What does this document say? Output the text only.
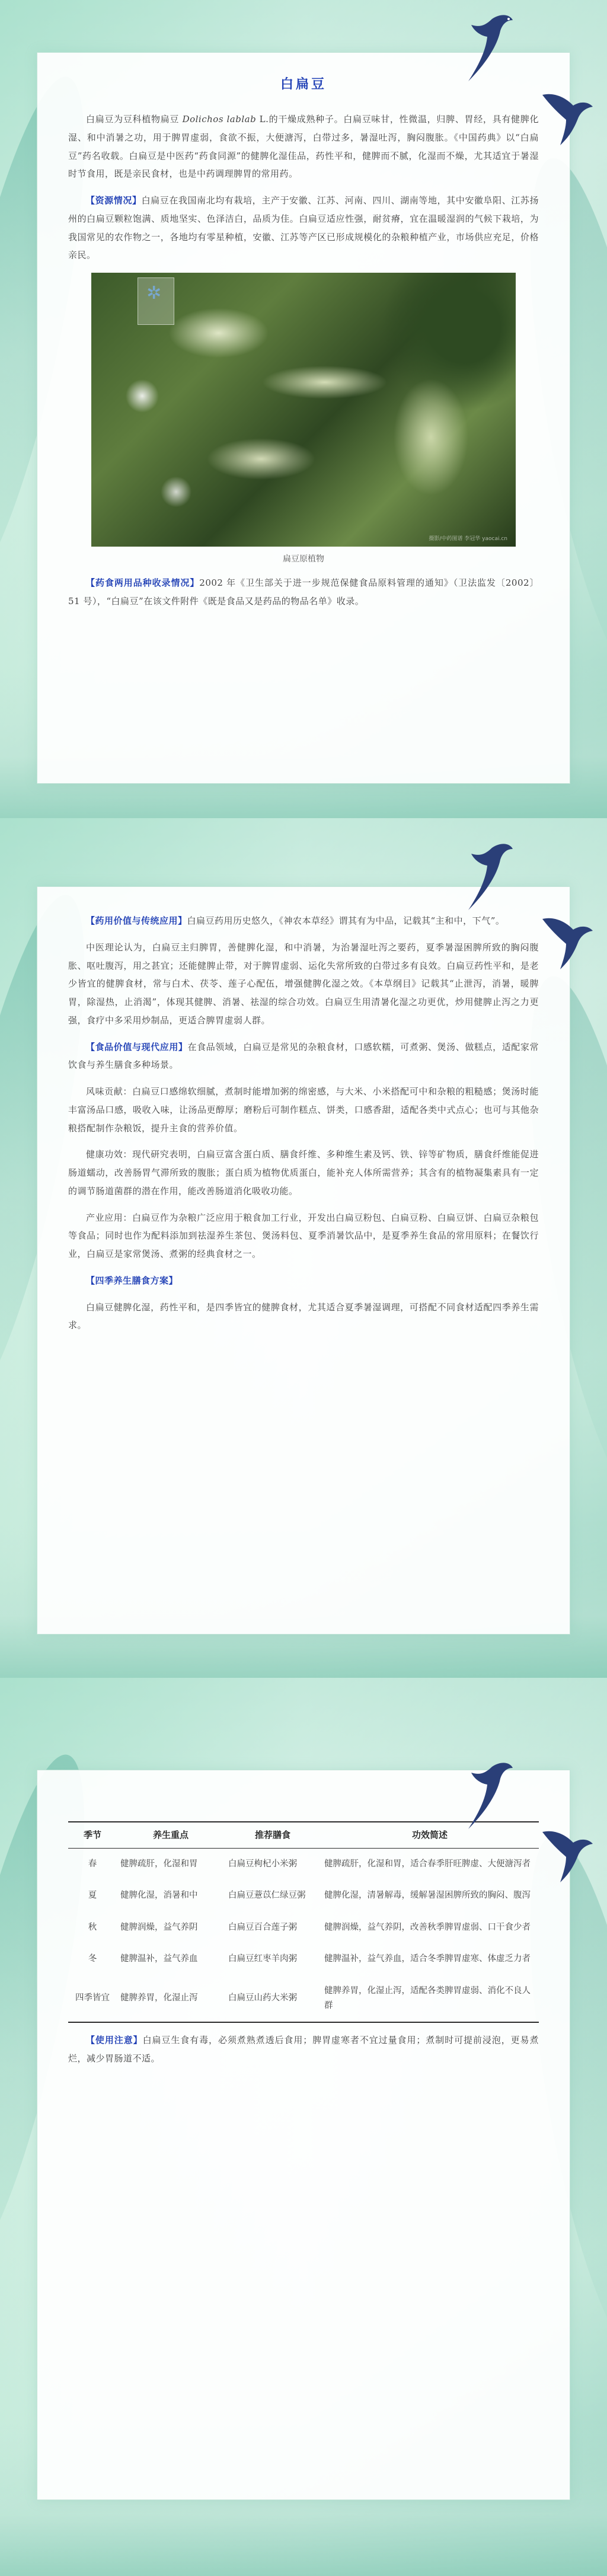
白扁豆

白扁豆为豆科植物扁豆 Dolichos lablab L.的干燥成熟种子。白扁豆味甘，性微温，归脾、胃经，具有健脾化湿、和中消暑之功，用于脾胃虚弱，食欲不振，大便溏泻，白带过多，暑湿吐泻，胸闷腹胀。《中国药典》以“白扁豆”药名收载。白扁豆是中医药“药食同源”的健脾化湿佳品，药性平和，健脾而不腻，化湿而不燥，尤其适宜于暑湿时节食用，既是亲民食材，也是中药调理脾胃的常用药。

【资源情况】白扁豆在我国南北均有栽培，主产于安徽、江苏、河南、四川、湖南等地，其中安徽阜阳、江苏扬州的白扁豆颗粒饱满、质地坚实、色泽洁白，品质为佳。白扁豆适应性强，耐贫瘠，宜在温暖湿润的气候下栽培，为我国常见的农作物之一，各地均有零星种植，安徽、江苏等产区已形成规模化的杂粮种植产业，市场供应充足，价格亲民。

✲
摄影/中药图谱 李冠华 yaocai.cn
扁豆原植物

【药食两用品种收录情况】2002 年《卫生部关于进一步规范保健食品原料管理的通知》（卫法监发〔2002〕51 号），“白扁豆”在该文件附件《既是食品又是药品的物品名单》收录。

【药用价值与传统应用】白扁豆药用历史悠久，《神农本草经》谓其有为中品，记载其“主和中，下气”。

中医理论认为，白扁豆主归脾胃，善健脾化湿，和中消暑，为治暑湿吐泻之要药，夏季暑湿困脾所致的胸闷腹胀、呕吐腹泻，用之甚宜；还能健脾止带，对于脾胃虚弱、运化失常所致的白带过多有良效。白扁豆药性平和，是老少皆宜的健脾食材，常与白术、茯苓、莲子心配伍，增强健脾化湿之效。《本草纲目》记载其“止泄泻，消暑，暖脾胃，除湿热，止消渴”，体现其健脾、消暑、祛湿的综合功效。白扁豆生用清暑化湿之功更优，炒用健脾止泻之力更强，食疗中多采用炒制品，更适合脾胃虚弱人群。

【食品价值与现代应用】在食品领域，白扁豆是常见的杂粮食材，口感软糯，可煮粥、煲汤、做糕点，适配家常饮食与养生膳食多种场景。

风味贡献：白扁豆口感绵软细腻，煮制时能增加粥的绵密感，与大米、小米搭配可中和杂粮的粗糙感；煲汤时能丰富汤品口感，吸收入味，让汤品更醇厚；磨粉后可制作糕点、饼类，口感香甜，适配各类中式点心；也可与其他杂粮搭配制作杂粮饭，提升主食的营养价值。

健康功效：现代研究表明，白扁豆富含蛋白质、膳食纤维、多种维生素及钙、铁、锌等矿物质，膳食纤维能促进肠道蠕动，改善肠胃气滞所致的腹胀；蛋白质为植物优质蛋白，能补充人体所需营养；其含有的植物凝集素具有一定的调节肠道菌群的潜在作用，能改善肠道消化吸收功能。

产业应用：白扁豆作为杂粮广泛应用于粮食加工行业，开发出白扁豆粉包、白扁豆粉、白扁豆饼、白扁豆杂粮包等食品；同时也作为配料添加到祛湿养生茶包、煲汤料包、夏季消暑饮品中，是夏季养生食品的常用原料；在餐饮行业，白扁豆是家常煲汤、煮粥的经典食材之一。

【四季养生膳食方案】

白扁豆健脾化湿，药性平和，是四季皆宜的健脾食材，尤其适合夏季暑湿调理，可搭配不同食材适配四季养生需求。

季节	养生重点	推荐膳食	功效简述
春	健脾疏肝，化湿和胃	白扁豆枸杞小米粥	健脾疏肝，化湿和胃，适合春季肝旺脾虚、大便溏泻者
夏	健脾化湿，消暑和中	白扁豆薏苡仁绿豆粥	健脾化湿，清暑解毒，缓解暑湿困脾所致的胸闷、腹泻
秋	健脾润燥，益气养阴	白扁豆百合莲子粥	健脾润燥，益气养阴，改善秋季脾胃虚弱、口干食少者
冬	健脾温补，益气养血	白扁豆红枣羊肉粥	健脾温补，益气养血，适合冬季脾胃虚寒、体虚乏力者
四季皆宜	健脾养胃，化湿止泻	白扁豆山药大米粥	健脾养胃，化湿止泻，适配各类脾胃虚弱、消化不良人群

【使用注意】白扁豆生食有毒，必须煮熟煮透后食用；脾胃虚寒者不宜过量食用；煮制时可提前浸泡，更易煮烂，减少胃肠道不适。
